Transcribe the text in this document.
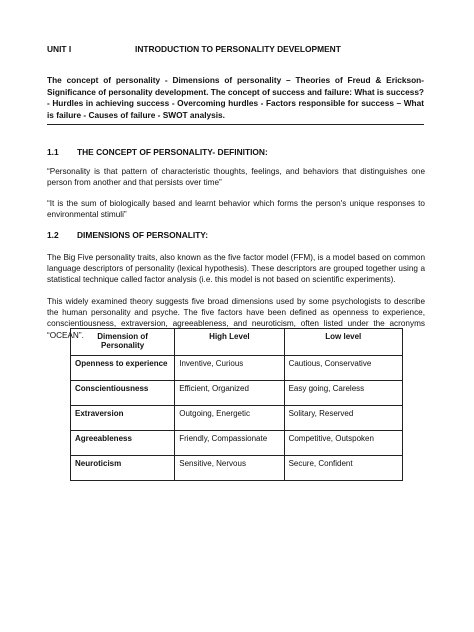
UNIT I	INTRODUCTION TO PERSONALITY DEVELOPMENT
The concept of personality - Dimensions of personality – Theories of Freud & Erickson-Significance of personality development. The concept of success and failure: What is success? - Hurdles in achieving success - Overcoming hurdles - Factors responsible for success – What is failure - Causes of failure - SWOT analysis.
1.1 THE CONCEPT OF PERSONALITY- DEFINITION:
“Personality is that pattern of characteristic thoughts, feelings, and behaviors that distinguishes one person from another and that persists over time”
“It is the sum of biologically based and learnt behavior which forms the person's unique responses to environmental stimuli”
1.2 DIMENSIONS OF PERSONALITY:
The Big Five personality traits, also known as the five factor model (FFM), is a model based on common language descriptors of personality (lexical hypothesis). These descriptors are grouped together using a statistical technique called factor analysis (i.e. this model is not based on scientific experiments).
This widely examined theory suggests five broad dimensions used by some psychologists to describe the human personality and psyche. The five factors have been defined as openness to experience, conscientiousness, extraversion, agreeableness, and neuroticism, often listed under the acronyms “OCEAN”.	Dimension of Personality	High Level	Low level
Openness to experience	Inventive, Curious	Cautious, Conservative
Conscientiousness	Efficient, Organized	Easy going, Careless
Extraversion	Outgoing, Energetic	Solitary, Reserved
Agreeableness	Friendly, Compassionate	Competitive, Outspoken
Neuroticism	Sensitive, Nervous	Secure, Confident
